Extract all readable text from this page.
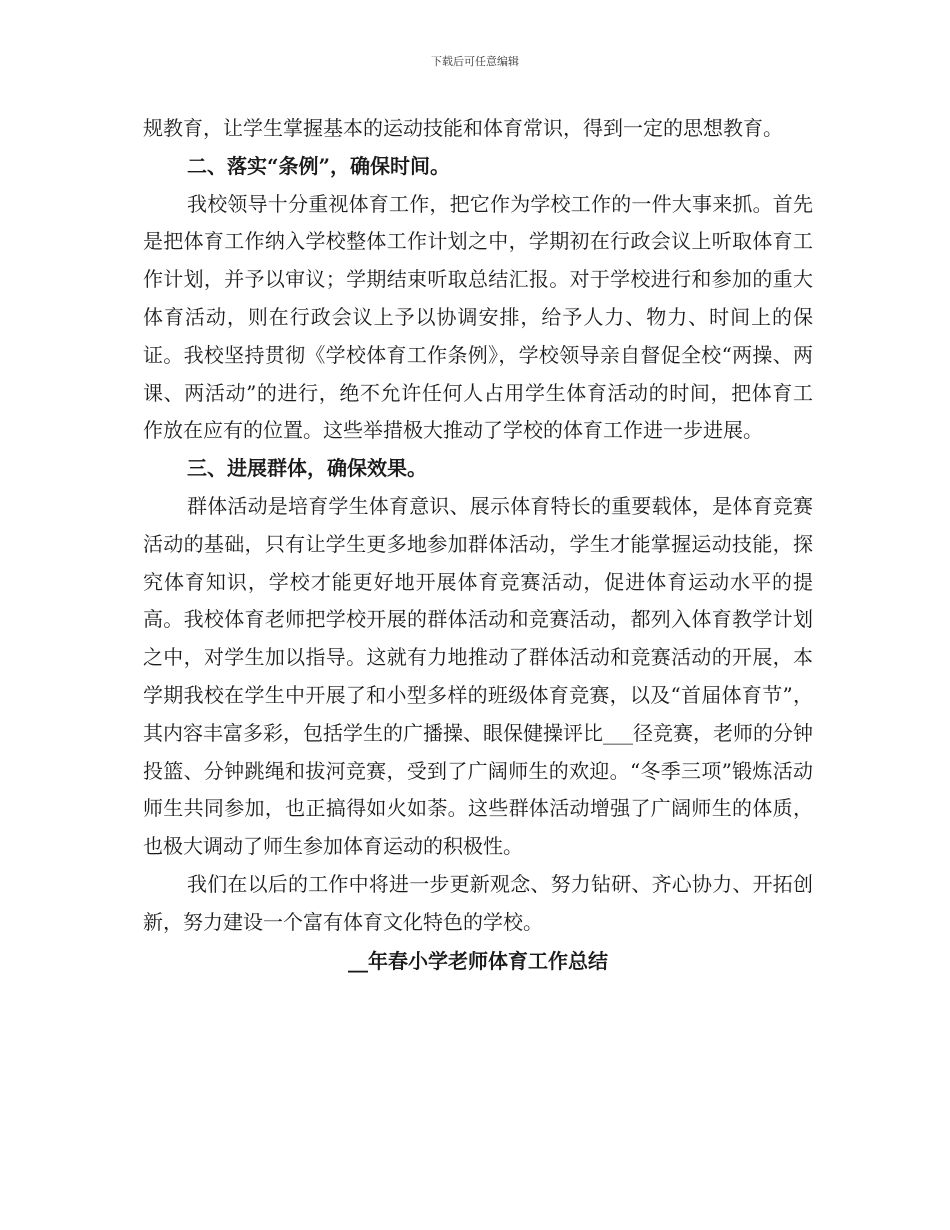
下载后可任意编辑

规教育，让学生掌握基本的运动技能和体育常识，得到一定的思想教育。

二、落实“条例”，确保时间。

我校领导十分重视体育工作，把它作为学校工作的一件大事来抓。首先是把体育工作纳入学校整体工作计划之中，学期初在行政会议上听取体育工作计划，并予以审议；学期结束听取总结汇报。对于学校进行和参加的重大体育活动，则在行政会议上予以协调安排，给予人力、物力、时间上的保证。我校坚持贯彻《学校体育工作条例》，学校领导亲自督促全校“两操、两课、两活动”的进行，绝不允许任何人占用学生体育活动的时间，把体育工作放在应有的位置。这些举措极大推动了学校的体育工作进一步进展。

三、进展群体，确保效果。

群体活动是培育学生体育意识、展示体育特长的重要载体，是体育竞赛活动的基础，只有让学生更多地参加群体活动，学生才能掌握运动技能，探究体育知识，学校才能更好地开展体育竞赛活动，促进体育运动水平的提高。我校体育老师把学校开展的群体活动和竞赛活动，都列入体育教学计划之中，对学生加以指导。这就有力地推动了群体活动和竞赛活动的开展，本学期我校在学生中开展了和小型多样的班级体育竞赛，以及“首届体育节”，其内容丰富多彩，包括学生的广播操、眼保健操评比___径竞赛，老师的分钟投篮、分钟跳绳和拔河竞赛，受到了广阔师生的欢迎。“冬季三项”锻炼活动师生共同参加，也正搞得如火如荼。这些群体活动增强了广阔师生的体质，也极大调动了师生参加体育运动的积极性。

我们在以后的工作中将进一步更新观念、努力钻研、齐心协力、开拓创新，努力建设一个富有体育文化特色的学校。

__年春小学老师体育工作总结
